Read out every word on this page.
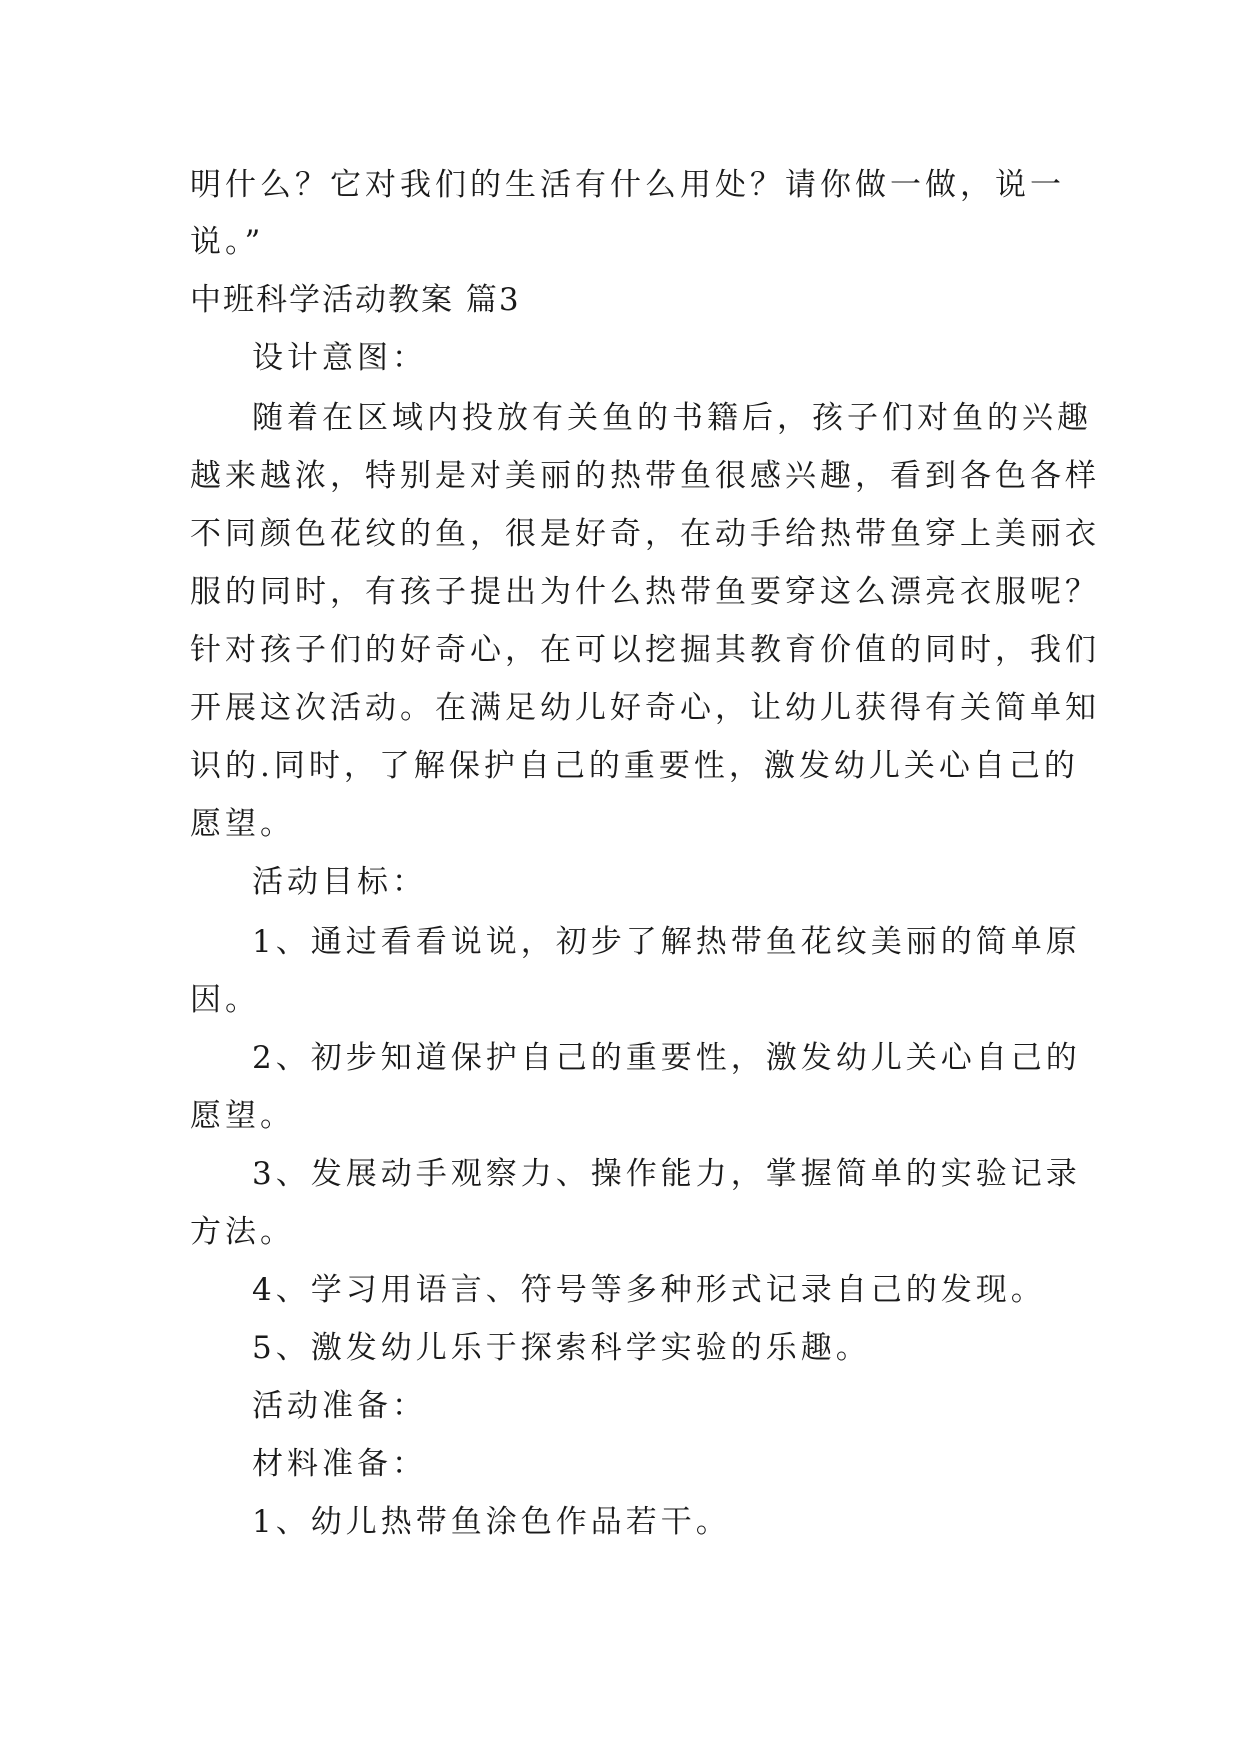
明什么？它对我们的生活有什么用处？请你做一做，说一
说。”
中班科学活动教案 篇3
设计意图：
随着在区域内投放有关鱼的书籍后，孩子们对鱼的兴趣
越来越浓，特别是对美丽的热带鱼很感兴趣，看到各色各样
不同颜色花纹的鱼，很是好奇，在动手给热带鱼穿上美丽衣
服的同时，有孩子提出为什么热带鱼要穿这么漂亮衣服呢？
针对孩子们的好奇心，在可以挖掘其教育价值的同时，我们
开展这次活动。在满足幼儿好奇心，让幼儿获得有关简单知
识的.同时，了解保护自己的重要性，激发幼儿关心自己的
愿望。
活动目标：
1、通过看看说说，初步了解热带鱼花纹美丽的简单原
因。
2、初步知道保护自己的重要性，激发幼儿关心自己的
愿望。
3、发展动手观察力、操作能力，掌握简单的实验记录
方法。
4、学习用语言、符号等多种形式记录自己的发现。
5、激发幼儿乐于探索科学实验的乐趣。
活动准备：
材料准备：
1、幼儿热带鱼涂色作品若干。
